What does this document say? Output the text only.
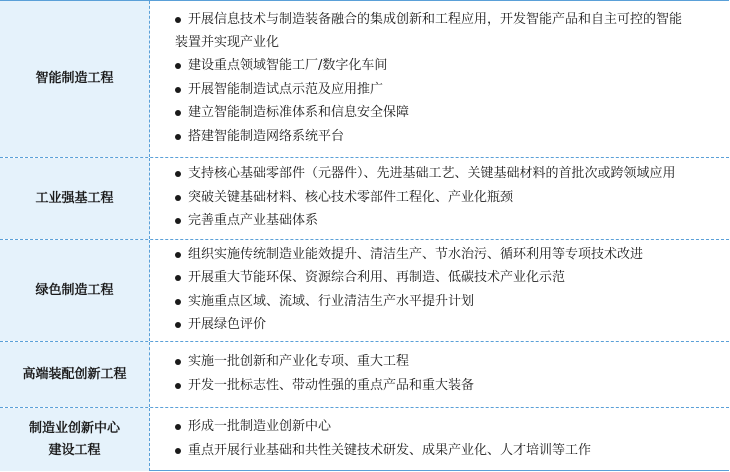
智能制造工程
开展信息技术与制造装备融合的集成创新和工程应用，开发智能产品和自主可控的智能
装置并实现产业化
建设重点领域智能工厂/数字化车间
开展智能制造试点示范及应用推广
建立智能制造标准体系和信息安全保障
搭建智能制造网络系统平台
工业强基工程
支持核心基础零部件（元器件）、先进基础工艺、关键基础材料的首批次或跨领域应用
突破关键基础材料、核心技术零部件工程化、产业化瓶颈
完善重点产业基础体系
绿色制造工程
组织实施传统制造业能效提升、清洁生产、节水治污、循环利用等专项技术改进
开展重大节能环保、资源综合利用、再制造、低碳技术产业化示范
实施重点区域、流域、行业清洁生产水平提升计划
开展绿色评价
高端装配创新工程
实施一批创新和产业化专项、重大工程
开发一批标志性、带动性强的重点产品和重大装备
制造业创新中心
建设工程
形成一批制造业创新中心
重点开展行业基础和共性关键技术研发、成果产业化、人才培训等工作
